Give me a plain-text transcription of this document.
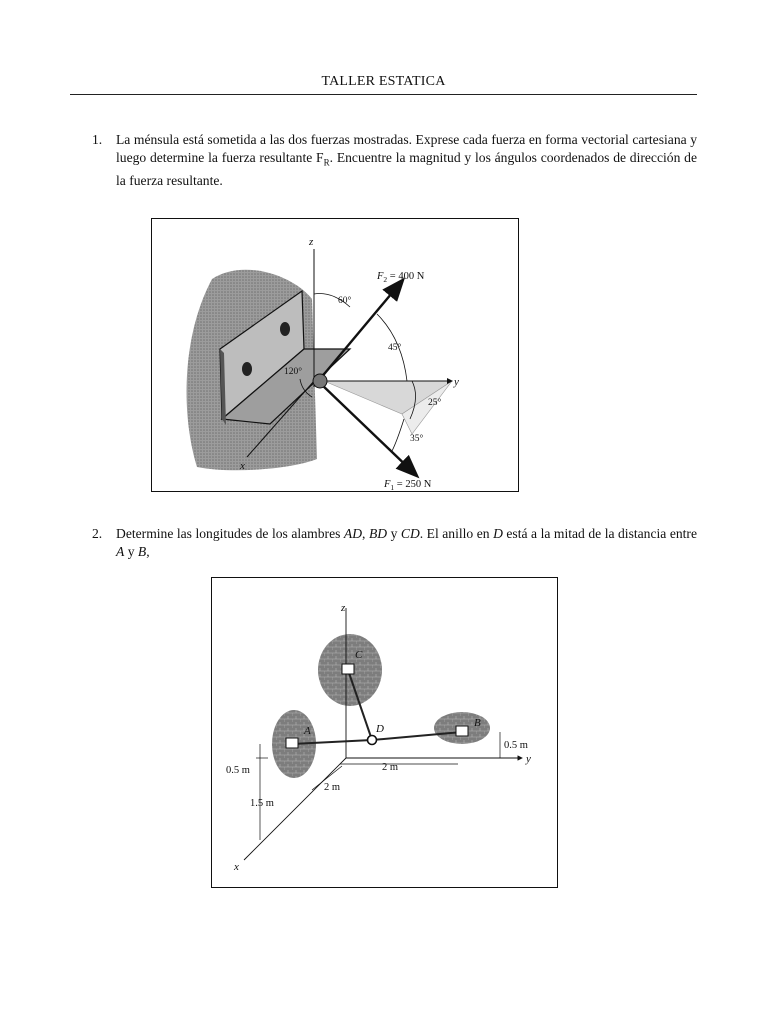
TALLER ESTATICA
1. La ménsula está sometida a las dos fuerzas mostradas. Exprese cada fuerza en forma vectorial cartesiana y luego determine la fuerza resultante $F_R$. Encuentre la magnitud y los ángulos coordenados de dirección de la fuerza resultante.
z
y
x
$F_2 = 400$ N
$F_1 = 250$ N
60°
45°
120°
25°
35°
2. Determine las longitudes de los alambres AD, BD y CD. El anillo en D está a la mitad de la distancia entre A y B,
z
y
x
A
B
C
D
0.5 m
1.5 m
2 m
2 m
0.5 m
